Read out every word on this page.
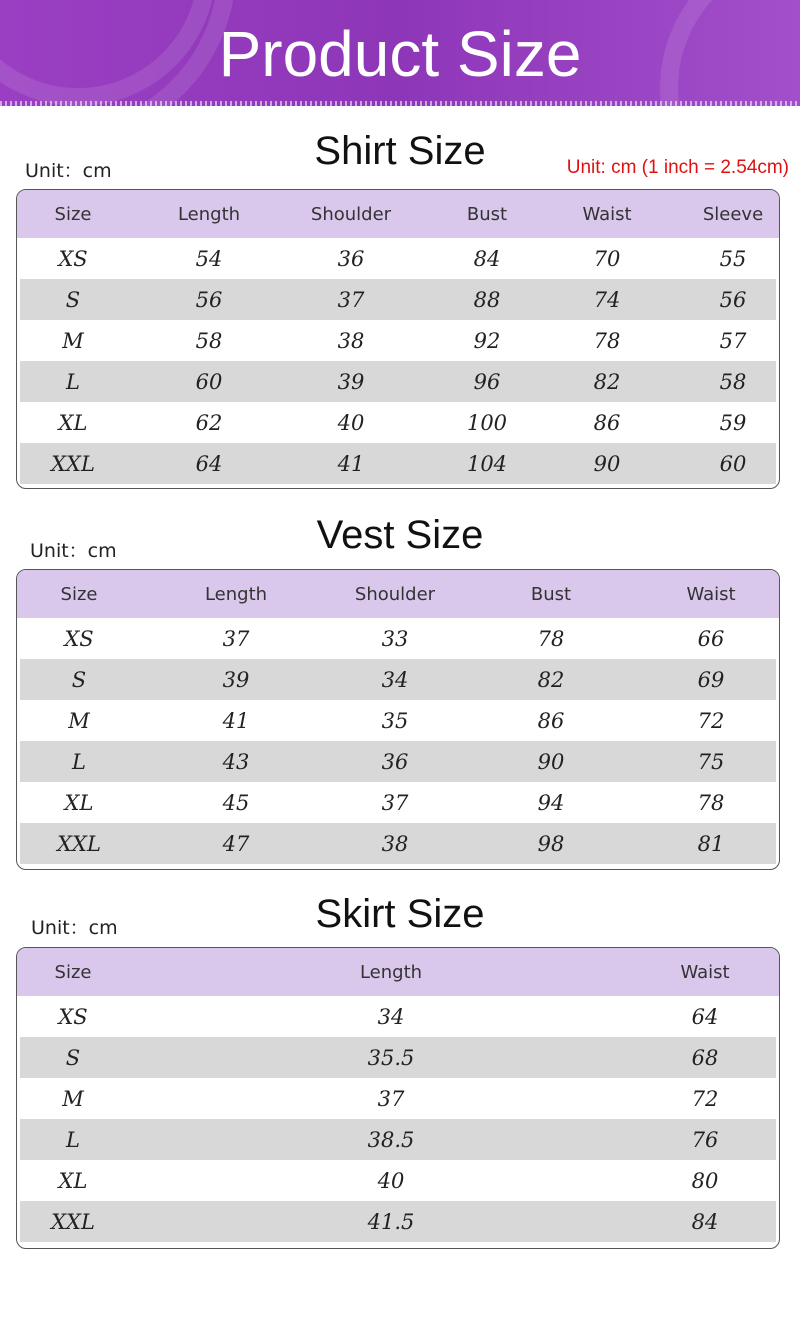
Product Size
Shirt Size

Unit：cm	Unit: cm (1 inch = 2.54cm)

Size	Length	Shoulder	Bust	Waist	Sleeve
XS	54	36	84	70	55
S	56	37	88	74	56
M	58	38	92	78	57
L	60	39	96	82	58
XL	62	40	100	86	59
XXL	64	41	104	90	60
Vest Size

Unit：cm

Size	Length	Shoulder	Bust	Waist
XS	37	33	78	66
S	39	34	82	69
M	41	35	86	72
L	43	36	90	75
XL	45	37	94	78
XXL	47	38	98	81
Skirt Size

Unit：cm

Size	Length	Waist
XS	34	64
S	35.5	68
M	37	72
L	38.5	76
XL	40	80
XXL	41.5	84
